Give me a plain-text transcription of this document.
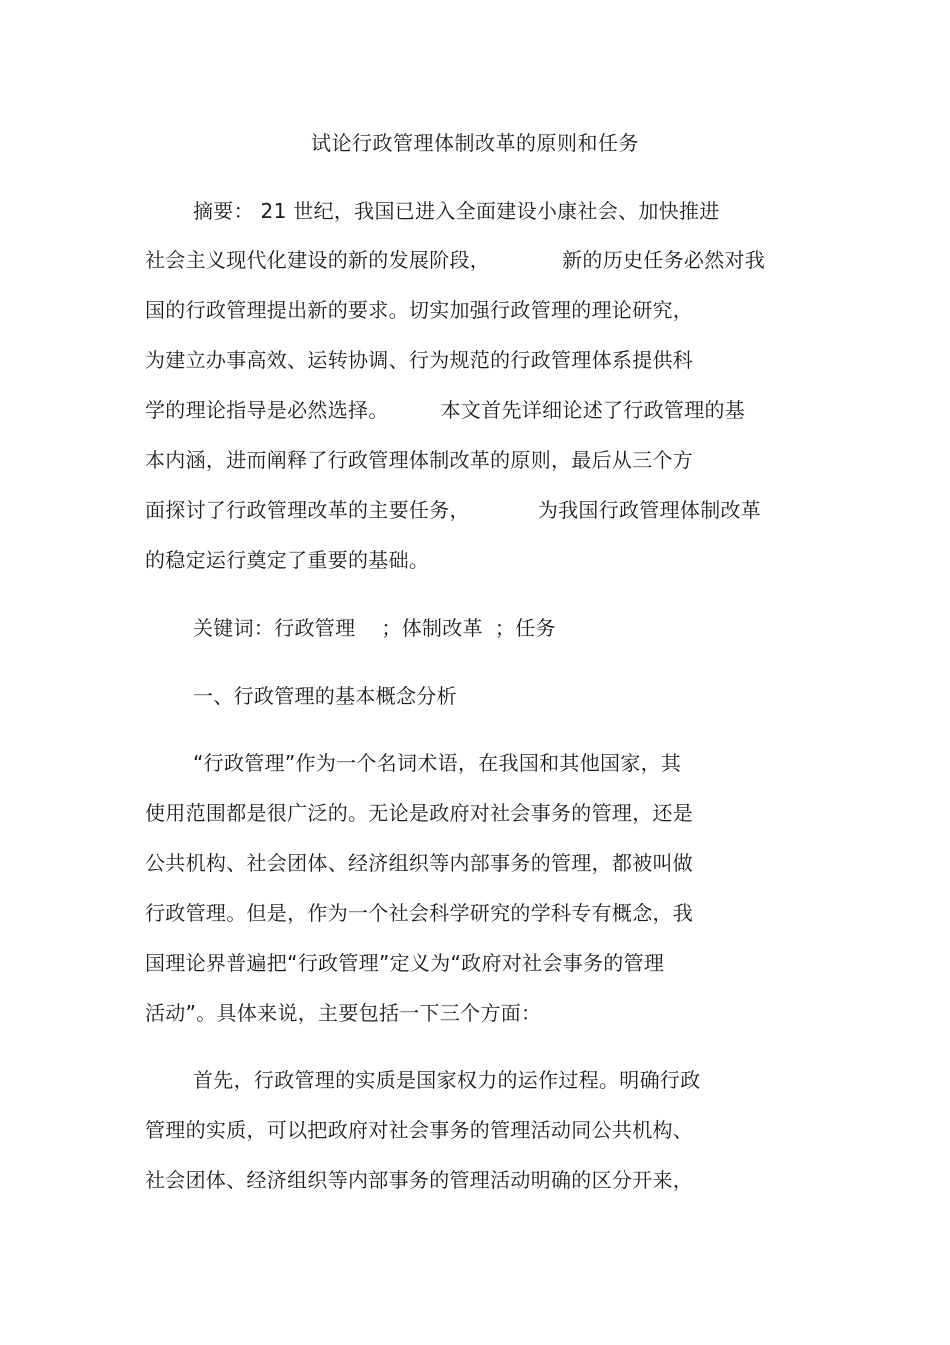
试论行政管理体制改革的原则和任务
摘要： 21 世纪，我国已进入全面建设小康社会、加快推进
社会主义现代化建设的新的发展阶段，	新的历史任务必然对我
国的行政管理提出新的要求。切实加强行政管理的理论研究，
为建立办事高效、运转协调、行为规范的行政管理体系提供科
学的理论指导是必然选择。	本文首先详细论述了行政管理的基
本内涵，进而阐释了行政管理体制改革的原则，最后从三个方
面探讨了行政管理改革的主要任务，	为我国行政管理体制改革
的稳定运行奠定了重要的基础。
关键词：行政管理 ；体制改革 ；任务
一、行政管理的基本概念分析
“行政管理”作为一个名词术语，在我国和其他国家，其
使用范围都是很广泛的。无论是政府对社会事务的管理，还是
公共机构、社会团体、经济组织等内部事务的管理，都被叫做
行政管理。但是，作为一个社会科学研究的学科专有概念，我
国理论界普遍把“行政管理”定义为“政府对社会事务的管理
活动”。具体来说，主要包括一下三个方面：
首先，行政管理的实质是国家权力的运作过程。明确行政
管理的实质，可以把政府对社会事务的管理活动同公共机构、
社会团体、经济组织等内部事务的管理活动明确的区分开来，
